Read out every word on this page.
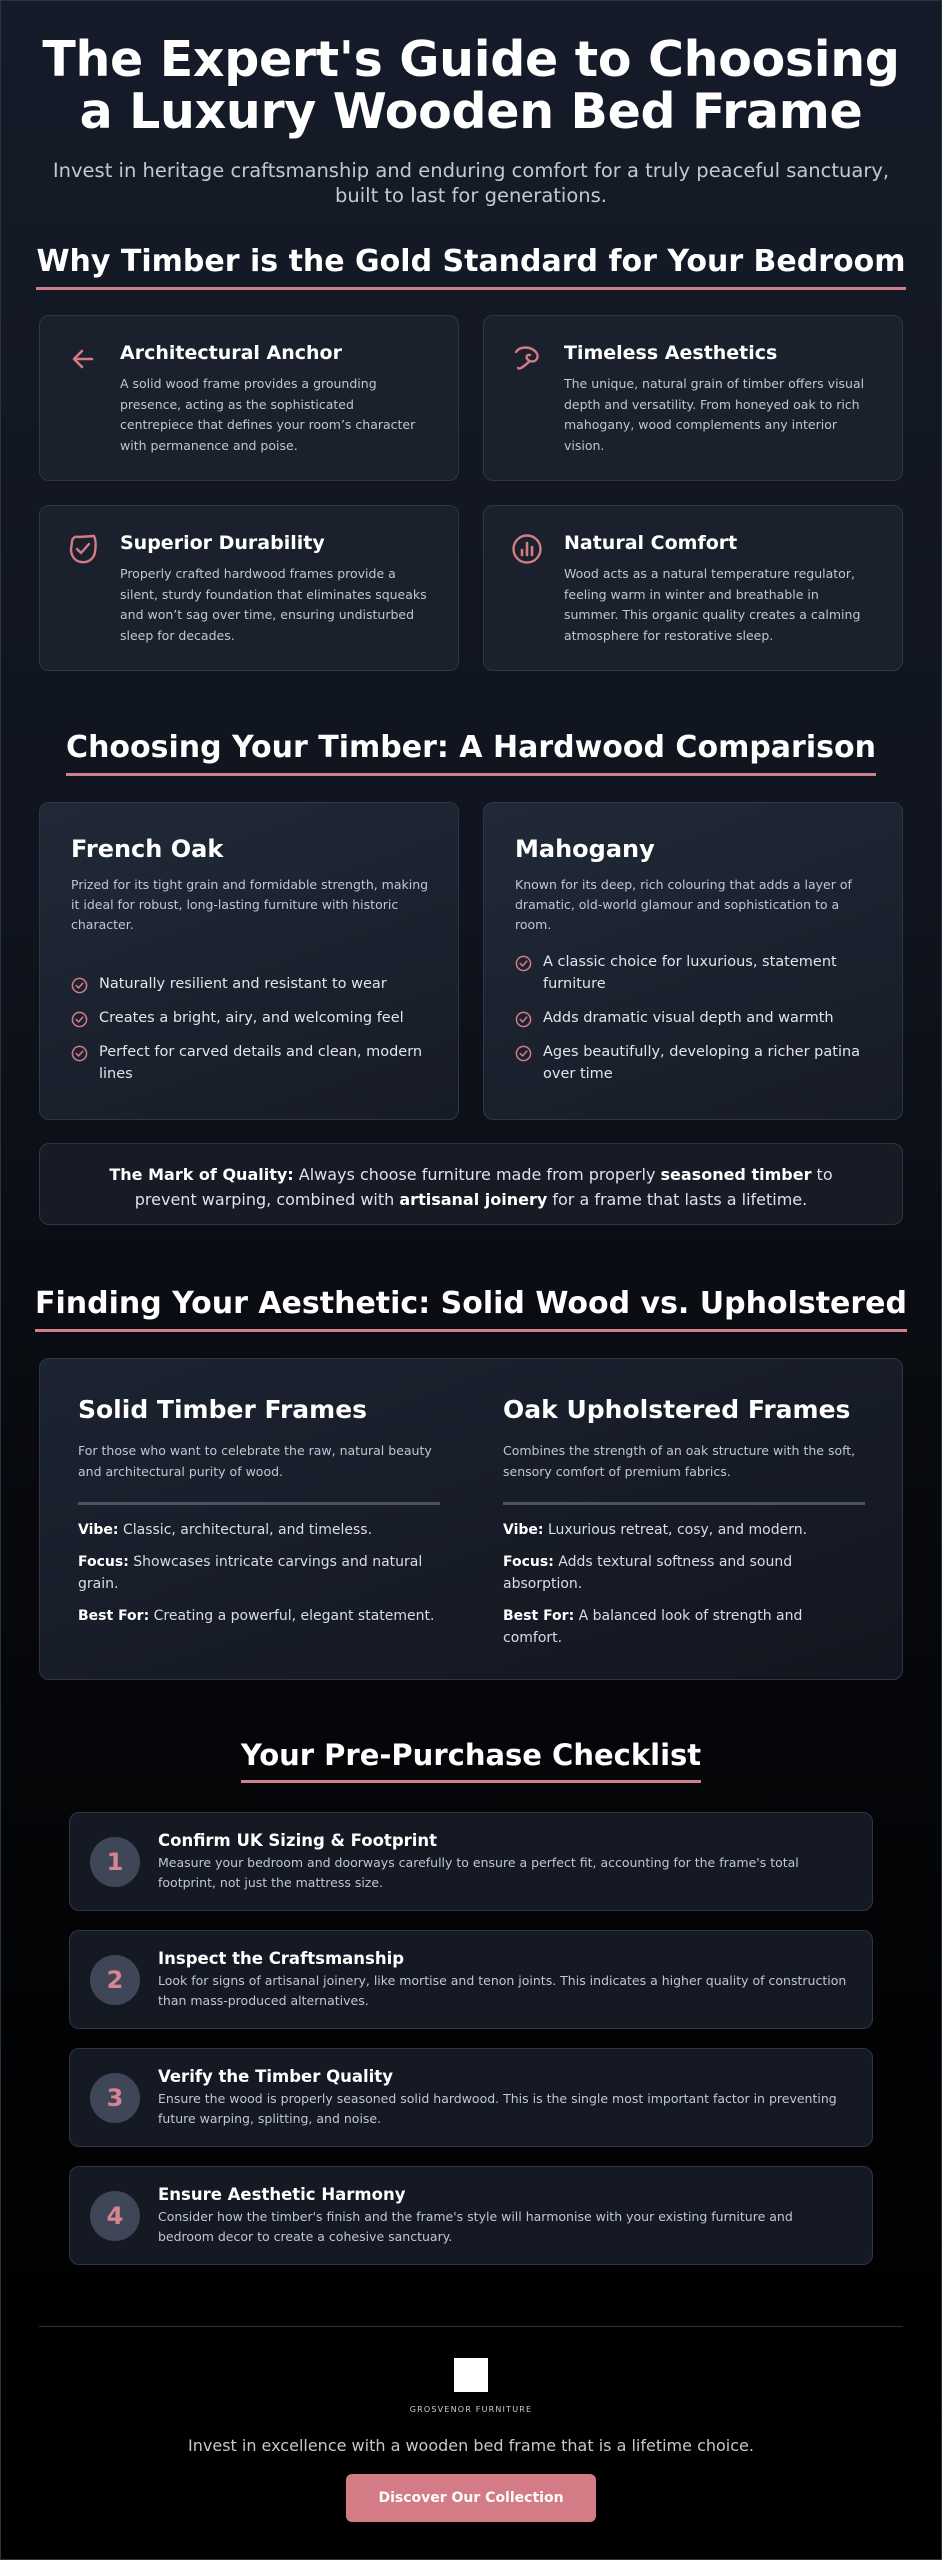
The Expert's Guide to Choosing
a Luxury Wooden Bed Frame

Invest in heritage craftsmanship and enduring comfort for a truly peaceful sanctuary, built to last for generations.

Why Timber is the Gold Standard for Your Bedroom
Architectural Anchor

A solid wood frame provides a grounding presence, acting as the sophisticated centrepiece that defines your room’s character with permanence and poise.

Timeless Aesthetics

The unique, natural grain of timber offers visual depth and versatility. From honeyed oak to rich mahogany, wood complements any interior vision.

Superior Durability

Properly crafted hardwood frames provide a silent, sturdy foundation that eliminates squeaks and won’t sag over time, ensuring undisturbed sleep for decades.

Natural Comfort

Wood acts as a natural temperature regulator, feeling warm in winter and breathable in summer. This organic quality creates a calming atmosphere for restorative sleep.

Choosing Your Timber: A Hardwood Comparison
French Oak

Prized for its tight grain and formidable strength, making it ideal for robust, long-lasting furniture with historic character.

Naturally resilient and resistant to wear
Creates a bright, airy, and welcoming feel
Perfect for carved details and clean, modern lines
Mahogany

Known for its deep, rich colouring that adds a layer of dramatic, old-world glamour and sophistication to a room.

A classic choice for luxurious, statement furniture
Adds dramatic visual depth and warmth
Ages beautifully, developing a richer patina over time
The Mark of Quality: Always choose furniture made from properly seasoned timber to prevent warping, combined with artisanal joinery for a frame that lasts a lifetime.
Finding Your Aesthetic: Solid Wood vs. Upholstered
Solid Timber Frames

For those who want to celebrate the raw, natural beauty and architectural purity of wood.

Vibe: Classic, architectural, and timeless.

Focus: Showcases intricate carvings and natural grain.

Best For: Creating a powerful, elegant statement.

Oak Upholstered Frames

Combines the strength of an oak structure with the soft, sensory comfort of premium fabrics.

Vibe: Luxurious retreat, cosy, and modern.

Focus: Adds textural softness and sound absorption.

Best For: A balanced look of strength and comfort.

Your Pre-Purchase Checklist
1
Confirm UK Sizing & Footprint

Measure your bedroom and doorways carefully to ensure a perfect fit, accounting for the frame's total footprint, not just the mattress size.

2
Inspect the Craftsmanship

Look for signs of artisanal joinery, like mortise and tenon joints. This indicates a higher quality of construction than mass-produced alternatives.

3
Verify the Timber Quality

Ensure the wood is properly seasoned solid hardwood. This is the single most important factor in preventing future warping, splitting, and noise.

4
Ensure Aesthetic Harmony

Consider how the timber's finish and the frame's style will harmonise with your existing furniture and bedroom decor to create a cohesive sanctuary.

GROSVENOR FURNITURE

Invest in excellence with a wooden bed frame that is a lifetime choice.

Discover Our Collection
